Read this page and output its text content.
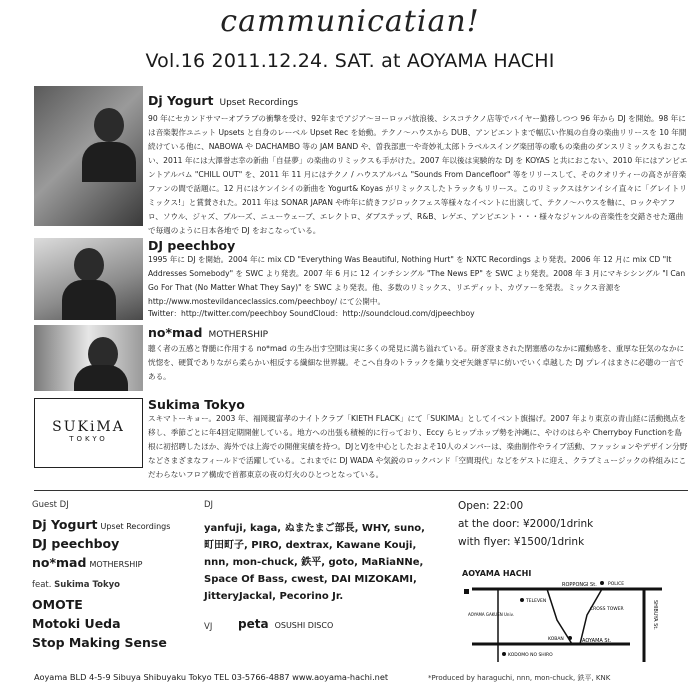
cammunicatian!
Vol.16 2011.12.24. SAT. at AOYAMA HACHI
Dj Yogurt Upset Recordings

90 年にセカンドサマーオブラブの衝撃を受け、92年までアジア〜ヨーロッパ放浪後、シスコテクノ店等でバイヤー勤務しつつ 96 年から DJ を開始。98 年には音楽製作ユニット Upsets と自身のレーベル Upset Rec を始動。テクノ〜ハウスから DUB、アンビエントまで幅広い作風の自身の楽曲リリースを 10 年間続けている他に、NABOWA や DACHAMBO 等の JAM BAND や、曽我部恵一や奇妙礼太郎トラベルスイング楽団等の歌もの楽曲のダンスリミックスもおこない、2011 年には大澤誉志幸の新曲「自昼夢」の楽曲のリミックスも手がけた。2007 年以後は実験的な DJ を KOYAS と共におこない、2010 年にはアンビエントアルバム "CHILL OUT" を、2011 年 11 月にはテクノ / ハウスアルバム "Sounds From Dancefloor" 等をリリースして、そのクオリティーの高さが音楽ファンの間で話題に。12 月にはケンイシイの新曲を Yogurt& Koyas がリミックスしたトラックもリリース。このリミックスはケンイシイ直々に「グレイトリミックス!」と賞賛された。2011 年は SONAR JAPAN や昨年に続きフジロックフェス等様々なイベントに出演して、テクノ〜ハウスを軸に、ロックやアフロ、ソウル、ジャズ、ブルーズ、ニューウェーブ、エレクトロ、ダブステップ、R&B、レゲエ、アンビエント・・・様々なジャンルの音楽性を交錯させた選曲で毎週のように日本各地で DJ をおこなっている。

DJ peechboy

1995 年に DJ を開始。2004 年に mix CD "Everything Was Beautiful, Nothing Hurt" を NXTC Recordings より発表。2006 年 12 月に mix CD "It Addresses Somebody" を SWC より発表。2007 年 6 月に 12 インチシングル "The News EP" を SWC より発表。2008 年 3 月にマキシシングル "I Can Go For That (No Matter What They Say)" を SWC より発表。他、多数のリミックス、リエディット、カヴァーを発表。ミックス音源を http://www.mostevildanceclassics.com/peechboy/ にて公開中。

Twitter：http://twitter.com/peechboy SoundCloud：http://soundcloud.com/djpeechboy

no*mad MOTHERSHIP

聴く者の五感と脊髄に作用する no*mad の生み出す空間は実に多くの発見に満ち溢れている。研ぎ澄まされた閉塞感のなかに躍動感を、重厚な狂気のなかに恍惚を、硬質でありながら柔らかい相反する繊細な世界観。そこへ自身のトラックを織り交ぜ矢継ぎ早に紡いでいく卓越した DJ プレイはまさに必聴の一言である。

SUKiMA
TOKYO
Sukima Tokyo

スキマトーキョー。2003 年、福岡親富孝のナイトクラブ「KIETH FLACK」にて「SUKIMA」としてイベント旗揚げ。2007 年より東京の青山経に活動拠点を移し、季節ごとに年4回定期開催している。地方への出張も積極的に行っており、Eccy らヒップホップ勢を沖縄に、やけのはらや Cherryboy Functionを島根に初招聘したほか、海外では上海での開催実績を持つ。DJとVJを中心としたおよそ10人のメンバーは、楽曲制作やライブ活動、ファッションやデザイン分野などさまざまなフィールドで活躍している。これまでに DJ WADA や気鋭のロックバンド「空間現代」などをゲストに迎え、クラブミュージックの枠組みにこだわらないフロア構成で首都東京の夜の灯火のひとつとなっている。

Guest DJ
Dj Yogurt Upset Recordings
DJ peechboy
no*mad MOTHERSHIP
feat. Sukima Tokyo
OMOTE
Motoki Ueda
Stop Making Sense
DJ
yanfuji, kaga, ぬまたまご部長, WHY, suno,
町田町子, PIRO, dextrax, Kawane Kouji,
nnn, mon-chuck, 鉄平, goto, MaRiaNNe,
Space Of Bass, cwest, DAI MIZOKAMI,
JitteryJackal, Pecorino Jr.
VJ peta OSUSHI DISCO
Open: 22:00
at the door: ¥2000/1drink
with flyer: ¥1500/1drink
AOYAMA HACHI
ROPPONGI St.
AOYAMA St.
SHIBUYA St.
TELEVEN
POLICE
CROSS TOWER
AOYAMA GAKUEN Univ.
KOBAN
KODOMO NO SHIRO
Aoyama BLD 4-5-9 Sibuya Shibuyaku Tokyo TEL 03-5766-4887 www.aoyama-hachi.net	*Produced by haraguchi, nnn, mon-chuck, 鉄平, KNK
